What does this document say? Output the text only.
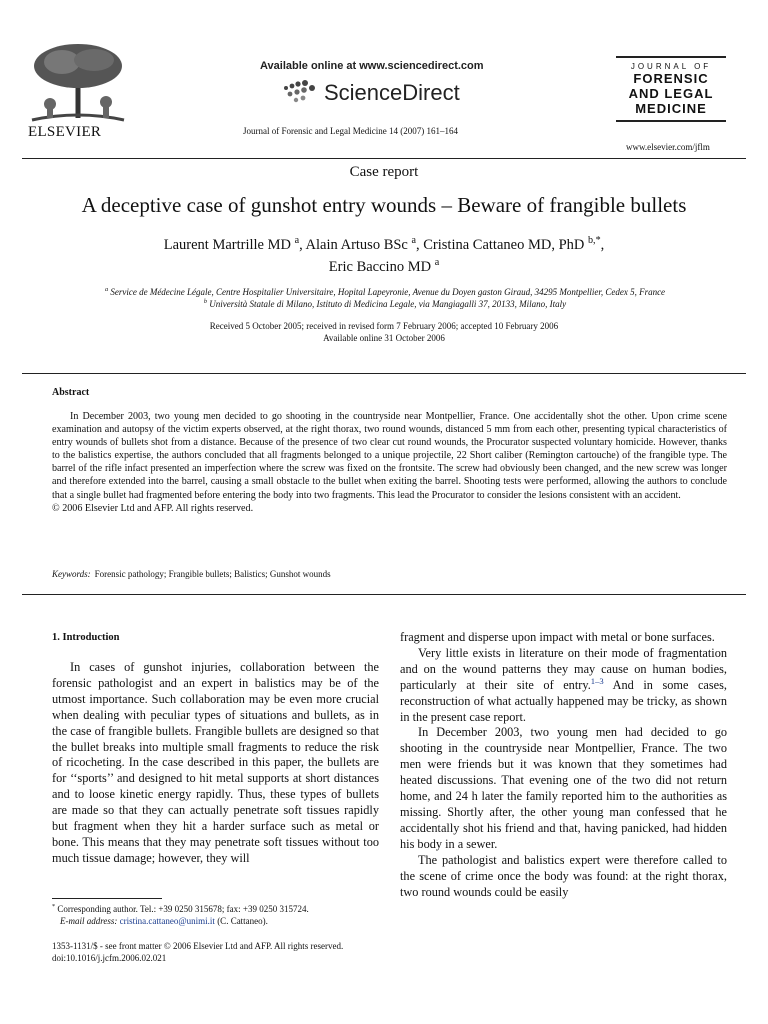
ELSEVIER
Available online at www.sciencedirect.com
ScienceDirect
Journal of Forensic and Legal Medicine 14 (2007) 161–164
JOURNAL OF
FORENSIC
AND LEGAL
MEDICINE
www.elsevier.com/jflm
Case report
A deceptive case of gunshot entry wounds – Beware of frangible bullets
Laurent Martrille MD $^a$, Alain Artuso BSc $^a$, Cristina Cattaneo MD, PhD $^{b,*}$,
Eric Baccino MD $^a$
$^a$ Service de Médecine Légale, Centre Hospitalier Universitaire, Hopital Lapeyronie, Avenue du Doyen gaston Giraud, 34295 Montpellier, Cedex 5, France
$^b$ Università Statale di Milano, Istituto di Medicina Legale, via Mangiagalli 37, 20133, Milano, Italy
Received 5 October 2005; received in revised form 7 February 2006; accepted 10 February 2006
Available online 31 October 2006
Abstract

In December 2003, two young men decided to go shooting in the countryside near Montpellier, France. One accidentally shot the other. Upon crime scene examination and autopsy of the victim experts observed, at the right thorax, two round wounds, distanced 5 mm from each other, presenting typical characteristics of entry wounds of bullets shot from a distance. Because of the presence of two clear cut round wounds, the Procurator suspected voluntary homicide. However, thanks to the balistics expertise, the authors concluded that all fragments belonged to a unique projectile, 22 Short caliber (Remington cartouche) of the frangible type. The barrel of the rifle infact presented an imperfection where the screw was fixed on the frontsite. The screw had obviously been changed, and the new screw was longer and therefore extended into the barrel, causing a small obstacle to the bullet when exiting the barrel. Shooting tests were performed, allowing the authors to conclude that a single bullet had fragmented before entering the body into two fragments. This lead the Procurator to consider the lesions consistent with an accident.

© 2006 Elsevier Ltd and AFP. All rights reserved.

Keywords: Forensic pathology; Frangible bullets; Balistics; Gunshot wounds
1. Introduction

In cases of gunshot injuries, collaboration between the forensic pathologist and an expert in balistics may be of the utmost importance. Such collaboration may be even more crucial when dealing with peculiar types of situations and bullets, as in the case of frangible bullets. Frangible bullets are designed so that the bullet breaks into multiple small fragments to reduce the risk of ricocheting. In the case described in this paper, the bullets are for ‘‘sports’’ and designed to hit metal supports at short distances and to loose kinetic energy rapidly. Thus, these types of bullets are made so that they can actually penetrate soft tissues rapidly but fragment when they hit a harder surface such as metal or bone. This means that they may penetrate soft tissues without too much tissue damage; however, they will

fragment and disperse upon impact with metal or bone surfaces.

Very little exists in literature on their mode of fragmentation and on the wound patterns they may cause on human bodies, particularly at their site of entry.$^{1-3}$ And in some cases, reconstruction of what actually happened may be tricky, as shown in the present case report.

In December 2003, two young men had decided to go shooting in the countryside near Montpellier, France. The two men were friends but it was known that they sometimes had heated discussions. That evening one of the two did not return home, and 24 h later the family reported him to the authorities as missing. Shortly after, the other young man confessed that he accidentally shot his friend and that, having panicked, had hidden his body in a sewer.

The pathologist and balistics expert were therefore called to the scene of crime once the body was found: at the right thorax, two round wounds could be easily

* Corresponding author. Tel.: +39 0250 315678; fax: +39 0250 315724.
E-mail address: cristina.cattaneo@unimi.it (C. Cattaneo).
1353-1131/$ - see front matter © 2006 Elsevier Ltd and AFP. All rights reserved.
doi:10.1016/j.jcfm.2006.02.021
